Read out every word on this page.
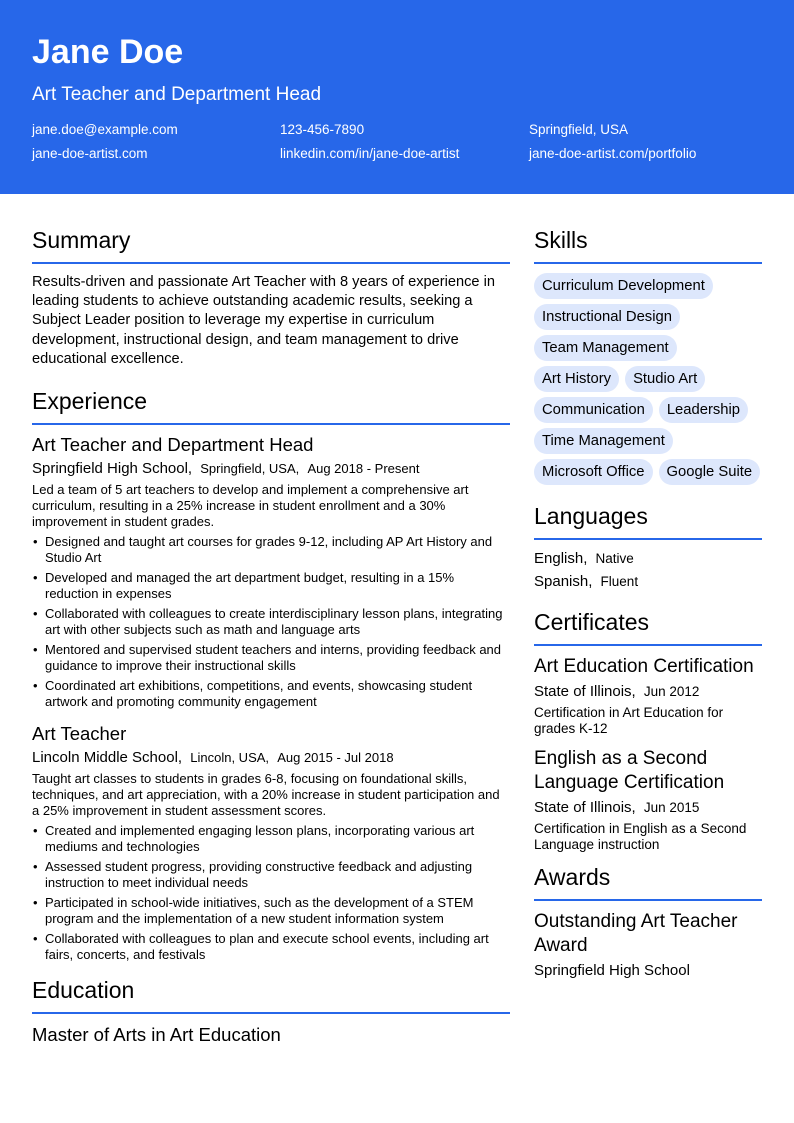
Jane Doe
Art Teacher and Department Head
jane.doe@example.com	123-456-7890	Springfield, USA
jane-doe-artist.com	linkedin.com/in/jane-doe-artist	jane-doe-artist.com/portfolio
Summary

Results-driven and passionate Art Teacher with 8 years of experience in leading students to achieve outstanding academic results, seeking a Subject Leader position to leverage my expertise in curriculum development, instructional design, and team management to drive educational excellence.

Experience
Art Teacher and Department Head
Springfield High School, Springfield, USA, Aug 2018 - Present
Led a team of 5 art teachers to develop and implement a comprehensive art curriculum, resulting in a 25% increase in student enrollment and a 30% improvement in student grades.
• Designed and taught art courses for grades 9-12, including AP Art History and Studio Art
• Developed and managed the art department budget, resulting in a 15% reduction in expenses
• Collaborated with colleagues to create interdisciplinary lesson plans, integrating art with other subjects such as math and language arts
• Mentored and supervised student teachers and interns, providing feedback and guidance to improve their instructional skills
• Coordinated art exhibitions, competitions, and events, showcasing student artwork and promoting community engagement
Art Teacher
Lincoln Middle School, Lincoln, USA, Aug 2015 - Jul 2018
Taught art classes to students in grades 6-8, focusing on foundational skills, techniques, and art appreciation, with a 20% increase in student participation and a 25% improvement in student assessment scores.
• Created and implemented engaging lesson plans, incorporating various art mediums and technologies
• Assessed student progress, providing constructive feedback and adjusting instruction to meet individual needs
• Participated in school-wide initiatives, such as the development of a STEM program and the implementation of a new student information system
• Collaborated with colleagues to plan and execute school events, including art fairs, concerts, and festivals
Education
Master of Arts in Art Education
Skills
Curriculum Development
Instructional Design
Team Management
Art History	Studio Art
Communication	Leadership
Time Management
Microsoft Office	Google Suite
Languages
English, Native
Spanish, Fluent
Certificates
Art Education Certification
State of Illinois, Jun 2012
Certification in Art Education for grades K-12
English as a Second Language Certification
State of Illinois, Jun 2015
Certification in English as a Second Language instruction
Awards
Outstanding Art Teacher Award
Springfield High School
